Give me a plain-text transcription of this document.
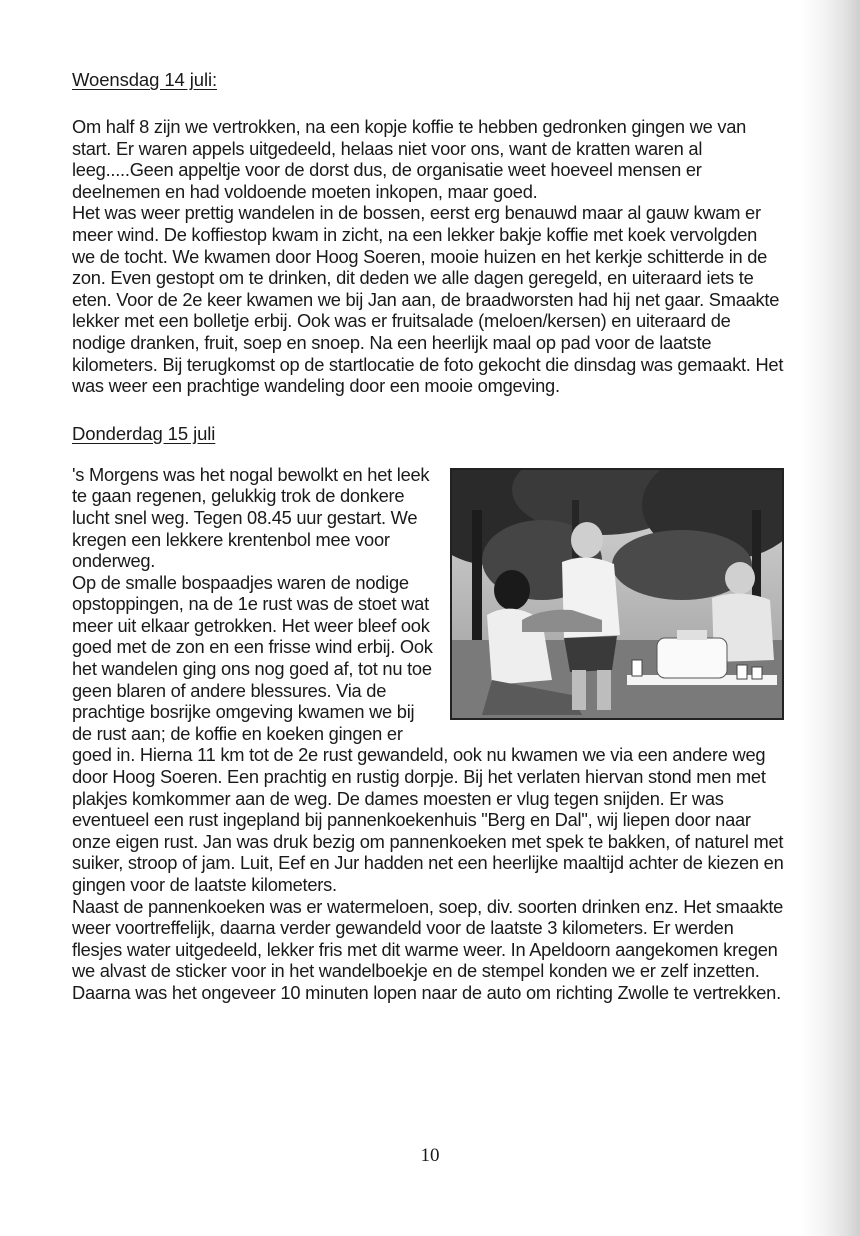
Woensdag 14 juli:

Om half 8 zijn we vertrokken, na een kopje koffie te hebben gedronken gingen we van start. Er waren appels uitgedeeld, helaas niet voor ons, want de kratten waren al leeg.....Geen appeltje voor de dorst dus, de organisatie weet hoeveel mensen er deelnemen en had voldoende moeten inkopen, maar goed.
Het was weer prettig wandelen in de bossen, eerst erg benauwd maar al gauw kwam er meer wind. De koffiestop kwam in zicht, na een lekker bakje koffie met koek vervolgden we de tocht. We kwamen door Hoog Soeren, mooie huizen en het kerkje schitterde in de zon. Even gestopt om te drinken, dit deden we alle dagen geregeld, en uiteraard iets te eten. Voor de 2e keer kwamen we bij Jan aan, de braadworsten had hij net gaar. Smaakte lekker met een bolletje erbij. Ook was er fruitsalade (meloen/kersen) en uiteraard de nodige dranken, fruit, soep en snoep. Na een heerlijk maal op pad voor de laatste kilometers. Bij terugkomst op de startlocatie de foto gekocht die dinsdag was gemaakt. Het was weer een prachtige wandeling door een mooie omgeving.

Donderdag 15 juli

's Morgens was het nogal bewolkt en het leek te gaan regenen, gelukkig trok de donkere lucht snel weg. Tegen 08.45 uur gestart. We kregen een lekkere krentenbol mee voor onderweg.
Op de smalle bospaadjes waren de nodige opstoppingen, na de 1e rust was de stoet wat meer uit elkaar getrokken. Het weer bleef ook goed met de zon en een frisse wind erbij. Ook het wandelen ging ons nog goed af, tot nu toe geen blaren of andere blessures. Via de prachtige bosrijke omgeving kwamen we bij de rust aan; de koffie en koeken gingen er goed in. Hierna 11 km tot de 2e rust gewandeld, ook nu kwamen we via een andere weg door Hoog Soeren. Een prachtig en rustig dorpje. Bij het verlaten hiervan stond men met plakjes komkommer aan de weg. De dames moesten er vlug tegen snijden. Er was eventueel een rust ingepland bij pannenkoekenhuis "Berg en Dal", wij liepen door naar onze eigen rust. Jan was druk bezig om pannenkoeken met spek te bakken, of naturel met suiker, stroop of jam. Luit, Eef en Jur hadden net een heerlijke maaltijd achter de kiezen en gingen voor de laatste kilometers.
Naast de pannenkoeken was er watermeloen, soep, div. soorten drinken enz. Het smaakte weer voortreffelijk, daarna verder gewandeld voor de laatste 3 kilometers. Er werden flesjes water uitgedeeld, lekker fris met dit warme weer. In Apeldoorn aangekomen kregen we alvast de sticker voor in het wandelboekje en de stempel konden we er zelf inzetten. Daarna was het ongeveer 10 minuten lopen naar de auto om richting Zwolle te vertrekken.

10
